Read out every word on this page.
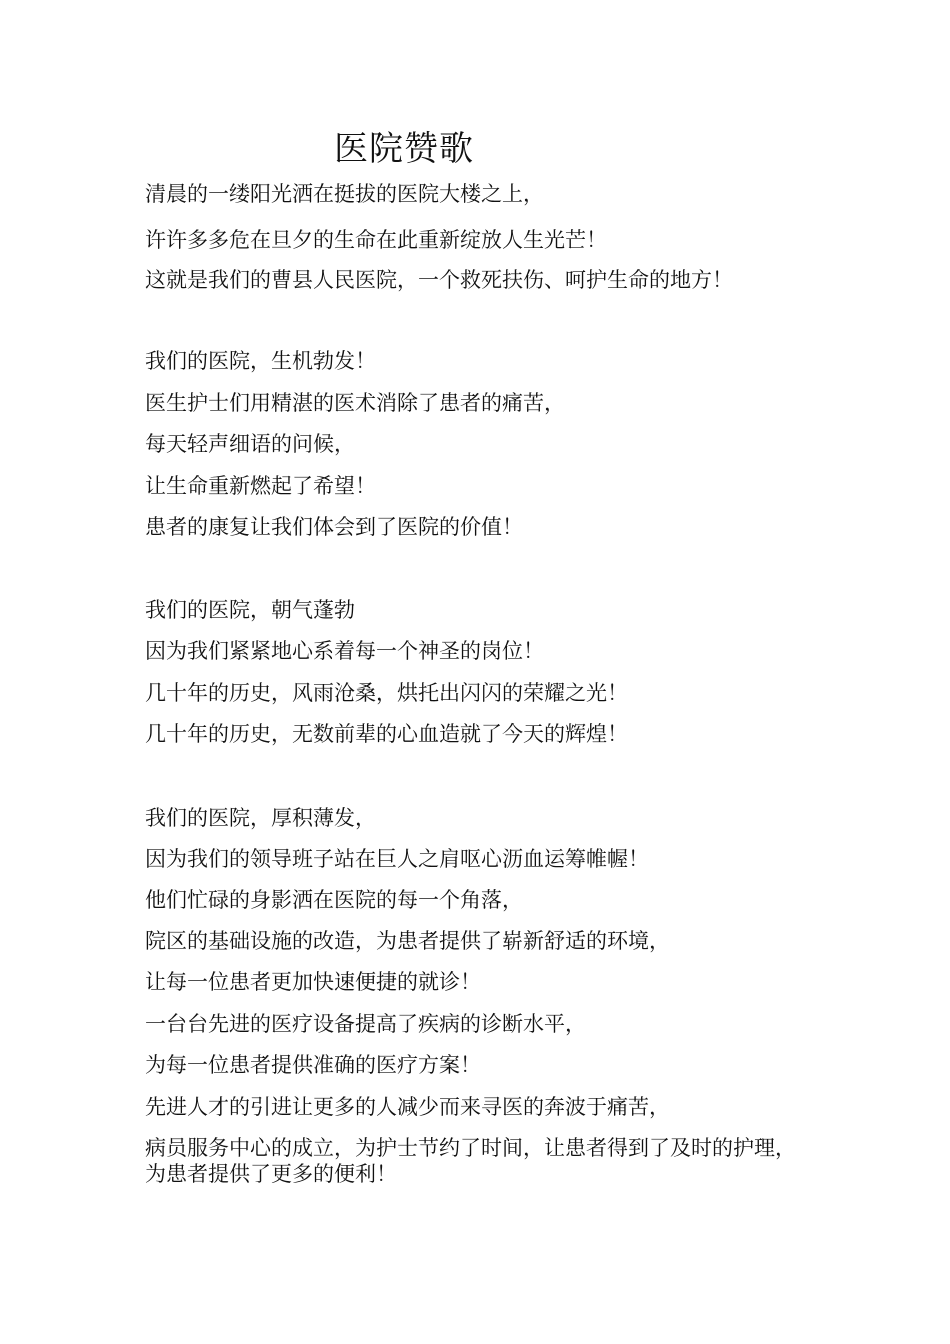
医院赞歌
清晨的一缕阳光洒在挺拔的医院大楼之上，
许许多多危在旦夕的生命在此重新绽放人生光芒！
这就是我们的曹县人民医院，一个救死扶伤、呵护生命的地方！
我们的医院，生机勃发！
医生护士们用精湛的医术消除了患者的痛苦，
每天轻声细语的问候，
让生命重新燃起了希望！
患者的康复让我们体会到了医院的价值！
我们的医院，朝气蓬勃
因为我们紧紧地心系着每一个神圣的岗位！
几十年的历史，风雨沧桑，烘托出闪闪的荣耀之光！
几十年的历史，无数前辈的心血造就了今天的辉煌！
我们的医院，厚积薄发，
因为我们的领导班子站在巨人之肩呕心沥血运筹帷幄！
他们忙碌的身影洒在医院的每一个角落，
院区的基础设施的改造，为患者提供了崭新舒适的环境，
让每一位患者更加快速便捷的就诊！
一台台先进的医疗设备提高了疾病的诊断水平，
为每一位患者提供准确的医疗方案！
先进人才的引进让更多的人减少而来寻医的奔波于痛苦，
病员服务中心的成立，为护士节约了时间，让患者得到了及时的护理，为患者提供了更多的便利！
